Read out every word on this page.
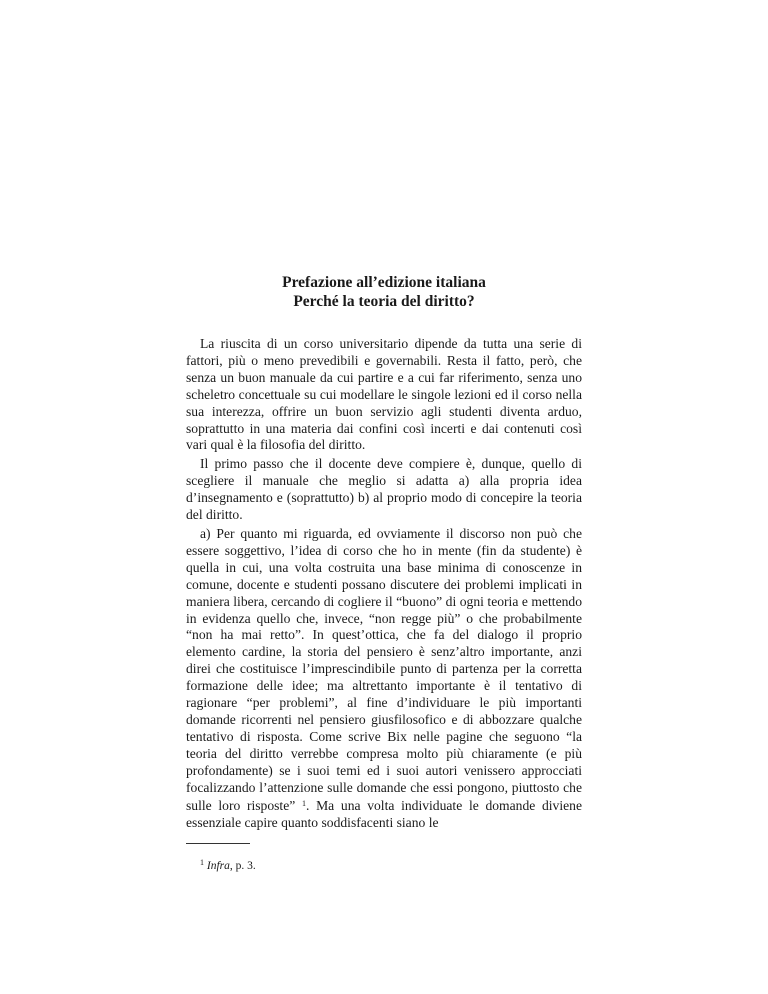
Prefazione all’edizione italiana
Perché la teoria del diritto?

La riuscita di un corso universitario dipende da tutta una serie di fattori, più o meno prevedibili e governabili. Resta il fatto, però, che senza un buon manuale da cui partire e a cui far riferimento, senza uno scheletro concettuale su cui modellare le singole lezioni ed il corso nella sua interezza, offrire un buon servizio agli studenti diventa arduo, soprattutto in una materia dai confini così incerti e dai contenuti così vari qual è la filosofia del diritto.

Il primo passo che il docente deve compiere è, dunque, quello di scegliere il manuale che meglio si adatta a) alla propria idea d’insegnamento e (soprattutto) b) al proprio modo di concepire la teoria del diritto.

a) Per quanto mi riguarda, ed ovviamente il discorso non può che essere soggettivo, l’idea di corso che ho in mente (fin da studente) è quella in cui, una volta costruita una base minima di conoscenze in comune, docente e studenti possano discutere dei problemi implicati in maniera libera, cercando di cogliere il “buono” di ogni teoria e mettendo in evidenza quello che, invece, “non regge più” o che probabilmente “non ha mai retto”. In quest’ottica, che fa del dialogo il proprio elemento cardine, la storia del pensiero è senz’altro importante, anzi direi che costituisce l’imprescindibile punto di partenza per la corretta formazione delle idee; ma altrettanto importante è il tentativo di ragionare “per problemi”, al fine d’individuare le più importanti domande ricorrenti nel pensiero giusfilosofico e di abbozzare qualche tentativo di risposta. Come scrive Bix nelle pagine che seguono “la teoria del diritto verrebbe compresa molto più chiaramente (e più profondamente) se i suoi temi ed i suoi autori venissero approcciati focalizzando l’attenzione sulle domande che essi pongono, piuttosto che sulle loro risposte” $^1$. Ma una volta individuate le domande diviene essenziale capire quanto soddisfacenti siano le

$^1$ Infra, p. 3.
